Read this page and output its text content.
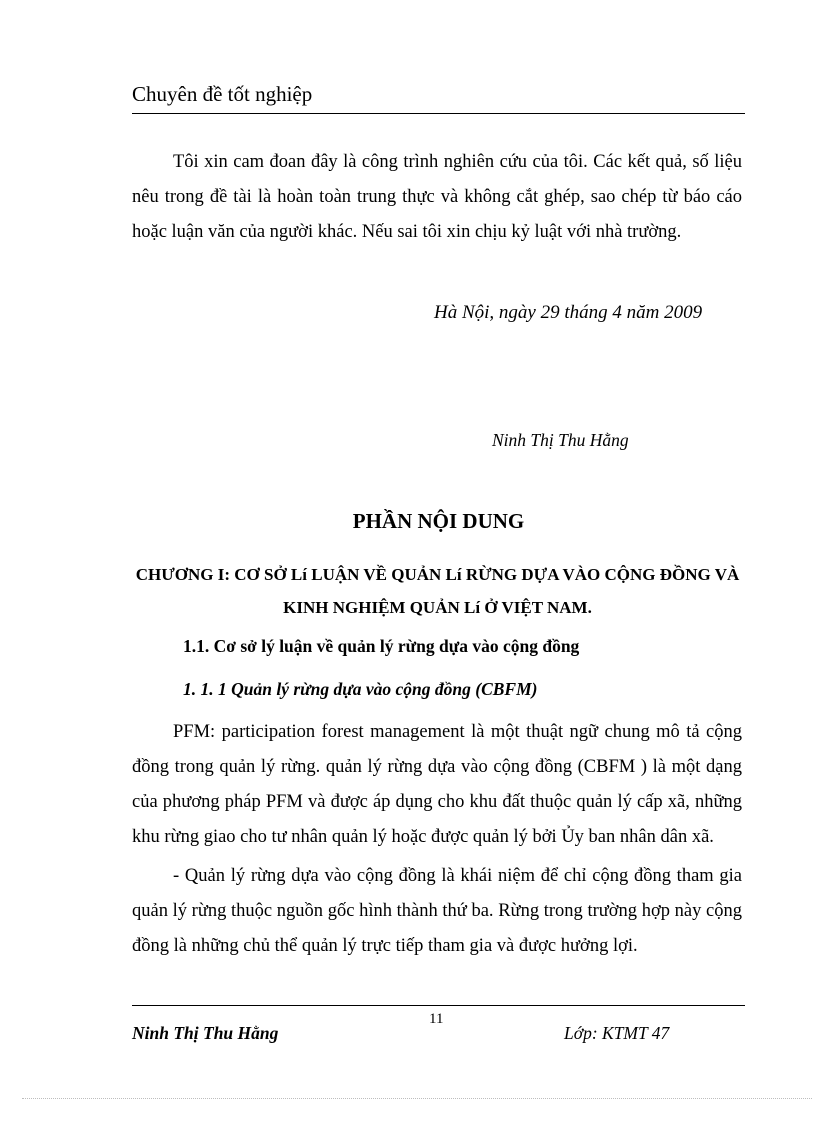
Chuyên đề tốt nghiệp

Tôi xin cam đoan đây là công trình nghiên cứu của tôi. Các kết quả, số liệu nêu trong đề tài là hoàn toàn trung thực và không cắt ghép, sao chép từ báo cáo hoặc luận văn của người khác. Nếu sai tôi xin chịu kỷ luật với nhà trường.

Hà Nội, ngày 29 tháng 4 năm 2009
Ninh Thị Thu Hằng
PHẦN NỘI DUNG

CHƯƠNG I: CƠ SỞ Lí LUẬN VỀ QUẢN Lí RỪNG DỰA VÀO CỘNG ĐỒNG VÀ KINH NGHIỆM QUẢN Lí Ở VIỆT NAM.

1.1. Cơ sở lý luận về quản lý rừng dựa vào cộng đồng
1. 1. 1 Quản lý rừng dựa vào cộng đồng (CBFM)

PFM: participation forest management là một thuật ngữ chung mô tả cộng đồng trong quản lý rừng. quản lý rừng dựa vào cộng đồng (CBFM ) là một dạng của phương pháp PFM và được áp dụng cho khu đất thuộc quản lý cấp xã, những khu rừng giao cho tư nhân quản lý hoặc được quản lý bởi Ủy ban nhân dân xã.

- Quản lý rừng dựa vào cộng đồng là khái niệm để chỉ cộng đồng tham gia quản lý rừng thuộc nguồn gốc hình thành thứ ba. Rừng trong trường hợp này cộng đồng là những chủ thể quản lý trực tiếp tham gia và được hưởng lợi.

11
Ninh Thị Thu Hằng	Lớp: KTMT 47
